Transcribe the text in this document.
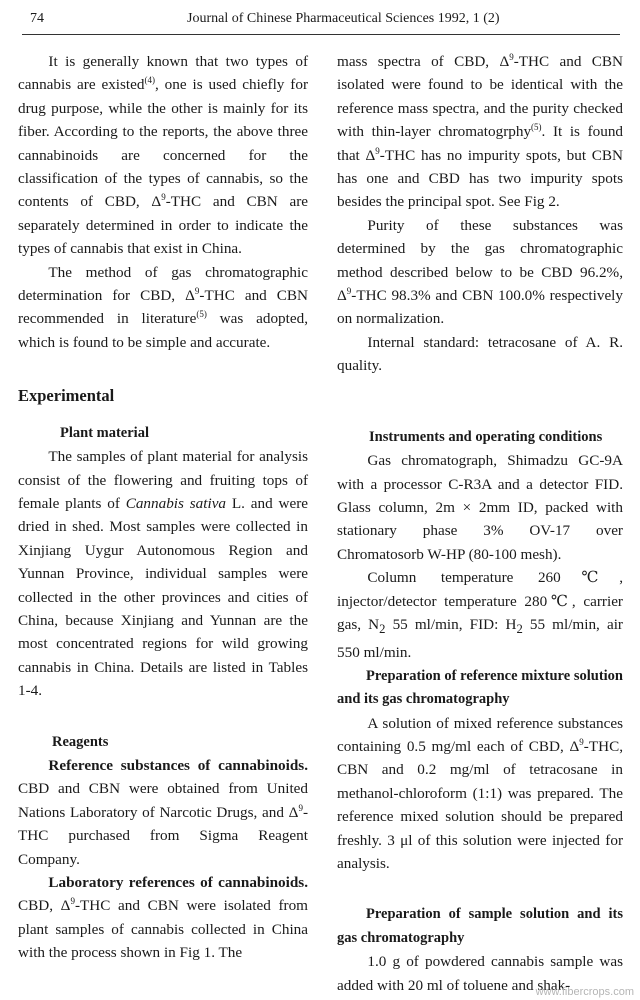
74	Journal of Chinese Pharmaceutical Sciences 1992, 1 (2)

It is generally known that two types of cannabis are existed$^{(4)}$, one is used chiefly for drug purpose, while the other is mainly for its fiber. According to the reports, the above three cannabinoids are concerned for the classification of the types of cannabis, so the contents of CBD, $\Delta^9$-THC and CBN are separately determined in order to indicate the types of cannabis that exist in China.

The method of gas chromatographic determination for CBD, $\Delta^9$-THC and CBN recommended in literature$^{(5)}$ was adopted, which is found to be simple and accurate.

Experimental
Plant material

The samples of plant material for analysis consist of the flowering and fruiting tops of female plants of Cannabis sativa L. and were dried in shed. Most samples were collected in Xinjiang Uygur Autonomous Region and Yunnan Province, individual samples were collected in the other provinces and cities of China, because Xinjiang and Yunnan are the most concentrated regions for wild growing cannabis in China. Details are listed in Tables 1-4.

Reagents

Reference substances of cannabinoids. CBD and CBN were obtained from United Nations Laboratory of Narcotic Drugs, and $\Delta^9$-THC purchased from Sigma Reagent Company.

Laboratory references of cannabinoids. CBD, $\Delta^9$-THC and CBN were isolated from plant samples of cannabis collected in China with the process shown in Fig 1. The

mass spectra of CBD, $\Delta^9$-THC and CBN isolated were found to be identical with the reference mass spectra, and the purity checked with thin-layer chromatogrphy$^{(5)}$. It is found that $\Delta^9$-THC has no impurity spots, but CBN has one and CBD has two impurity spots besides the principal spot. See Fig 2.

Purity of these substances was determined by the gas chromatographic method described below to be CBD 96.2%, $\Delta^9$-THC 98.3% and CBN 100.0% respectively on normalization.

Internal standard: tetracosane of A. R. quality.

Instruments and operating conditions

Gas chromatograph, Shimadzu GC-9A with a processor C-R3A and a detector FID. Glass column, 2m × 2mm ID, packed with stationary phase 3% OV-17 over Chromatosorb W-HP (80-100 mesh).

Column temperature 260℃, injector/detector temperature 280℃, carrier gas, $N_2$ 55 ml/min, FID: $H_2$ 55 ml/min, air 550 ml/min.

Preparation of reference mixture solution and its gas chromatography

A solution of mixed reference substances containing 0.5 mg/ml each of CBD, $\Delta^9$-THC, CBN and 0.2 mg/ml of tetracosane in methanol-chloroform (1:1) was prepared. The reference mixed solution should be prepared freshly. 3 μl of this solution were injected for analysis.

Preparation of sample solution and its gas chromatography

1.0 g of powdered cannabis sample was added with 20 ml of toluene and shak-

www.fibercrops.com
